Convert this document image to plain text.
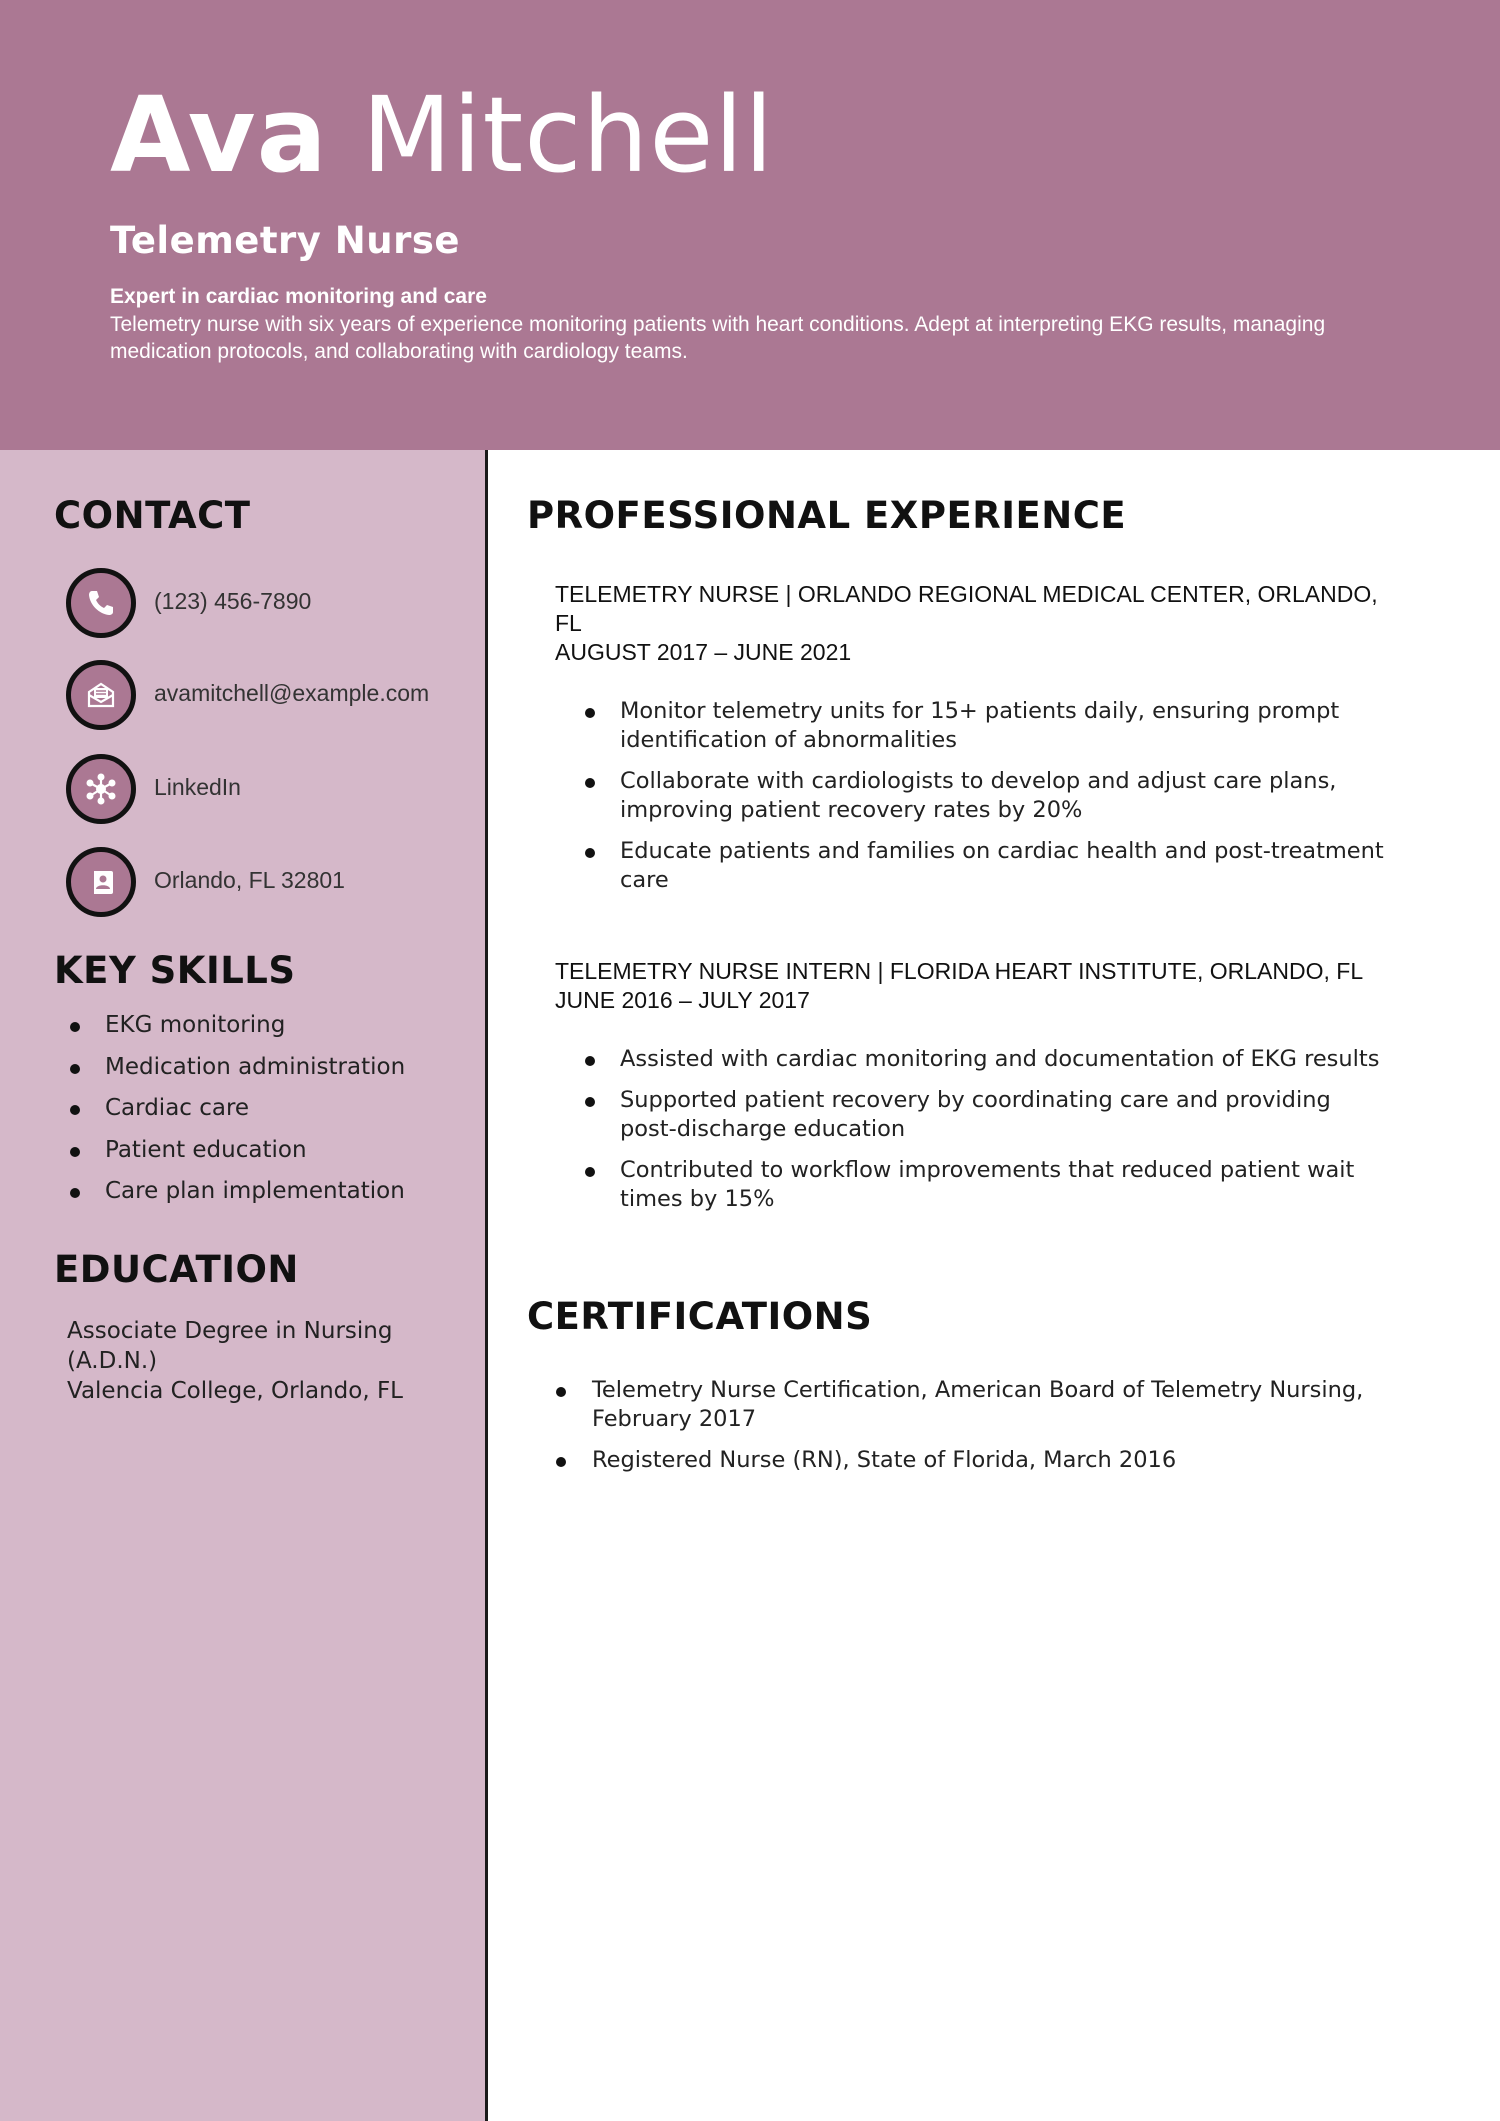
Ava Mitchell
Telemetry Nurse
Expert in cardiac monitoring and care
Telemetry nurse with six years of experience monitoring patients with heart conditions. Adept at interpreting EKG results, managing medication protocols, and collaborating with cardiology teams.
CONTACT
(123) 456-7890
avamitchell@example.com
LinkedIn
Orlando, FL 32801
KEY SKILLS
EKG monitoring
Medication administration
Cardiac care
Patient education
Care plan implementation
EDUCATION
Associate Degree in Nursing
(A.D.N.)
Valencia College, Orlando, FL
PROFESSIONAL EXPERIENCE
TELEMETRY NURSE | ORLANDO REGIONAL MEDICAL CENTER, ORLANDO, FL
AUGUST 2017 – JUNE 2021
Monitor telemetry units for 15+ patients daily, ensuring prompt identification of abnormalities
Collaborate with cardiologists to develop and adjust care plans, improving patient recovery rates by 20%
Educate patients and families on cardiac health and post-treatment care
TELEMETRY NURSE INTERN | FLORIDA HEART INSTITUTE, ORLANDO, FL
JUNE 2016 – JULY 2017
Assisted with cardiac monitoring and documentation of EKG results
Supported patient recovery by coordinating care and providing post-discharge education
Contributed to workflow improvements that reduced patient wait times by 15%
CERTIFICATIONS
Telemetry Nurse Certification, American Board of Telemetry Nursing, February 2017
Registered Nurse (RN), State of Florida, March 2016
